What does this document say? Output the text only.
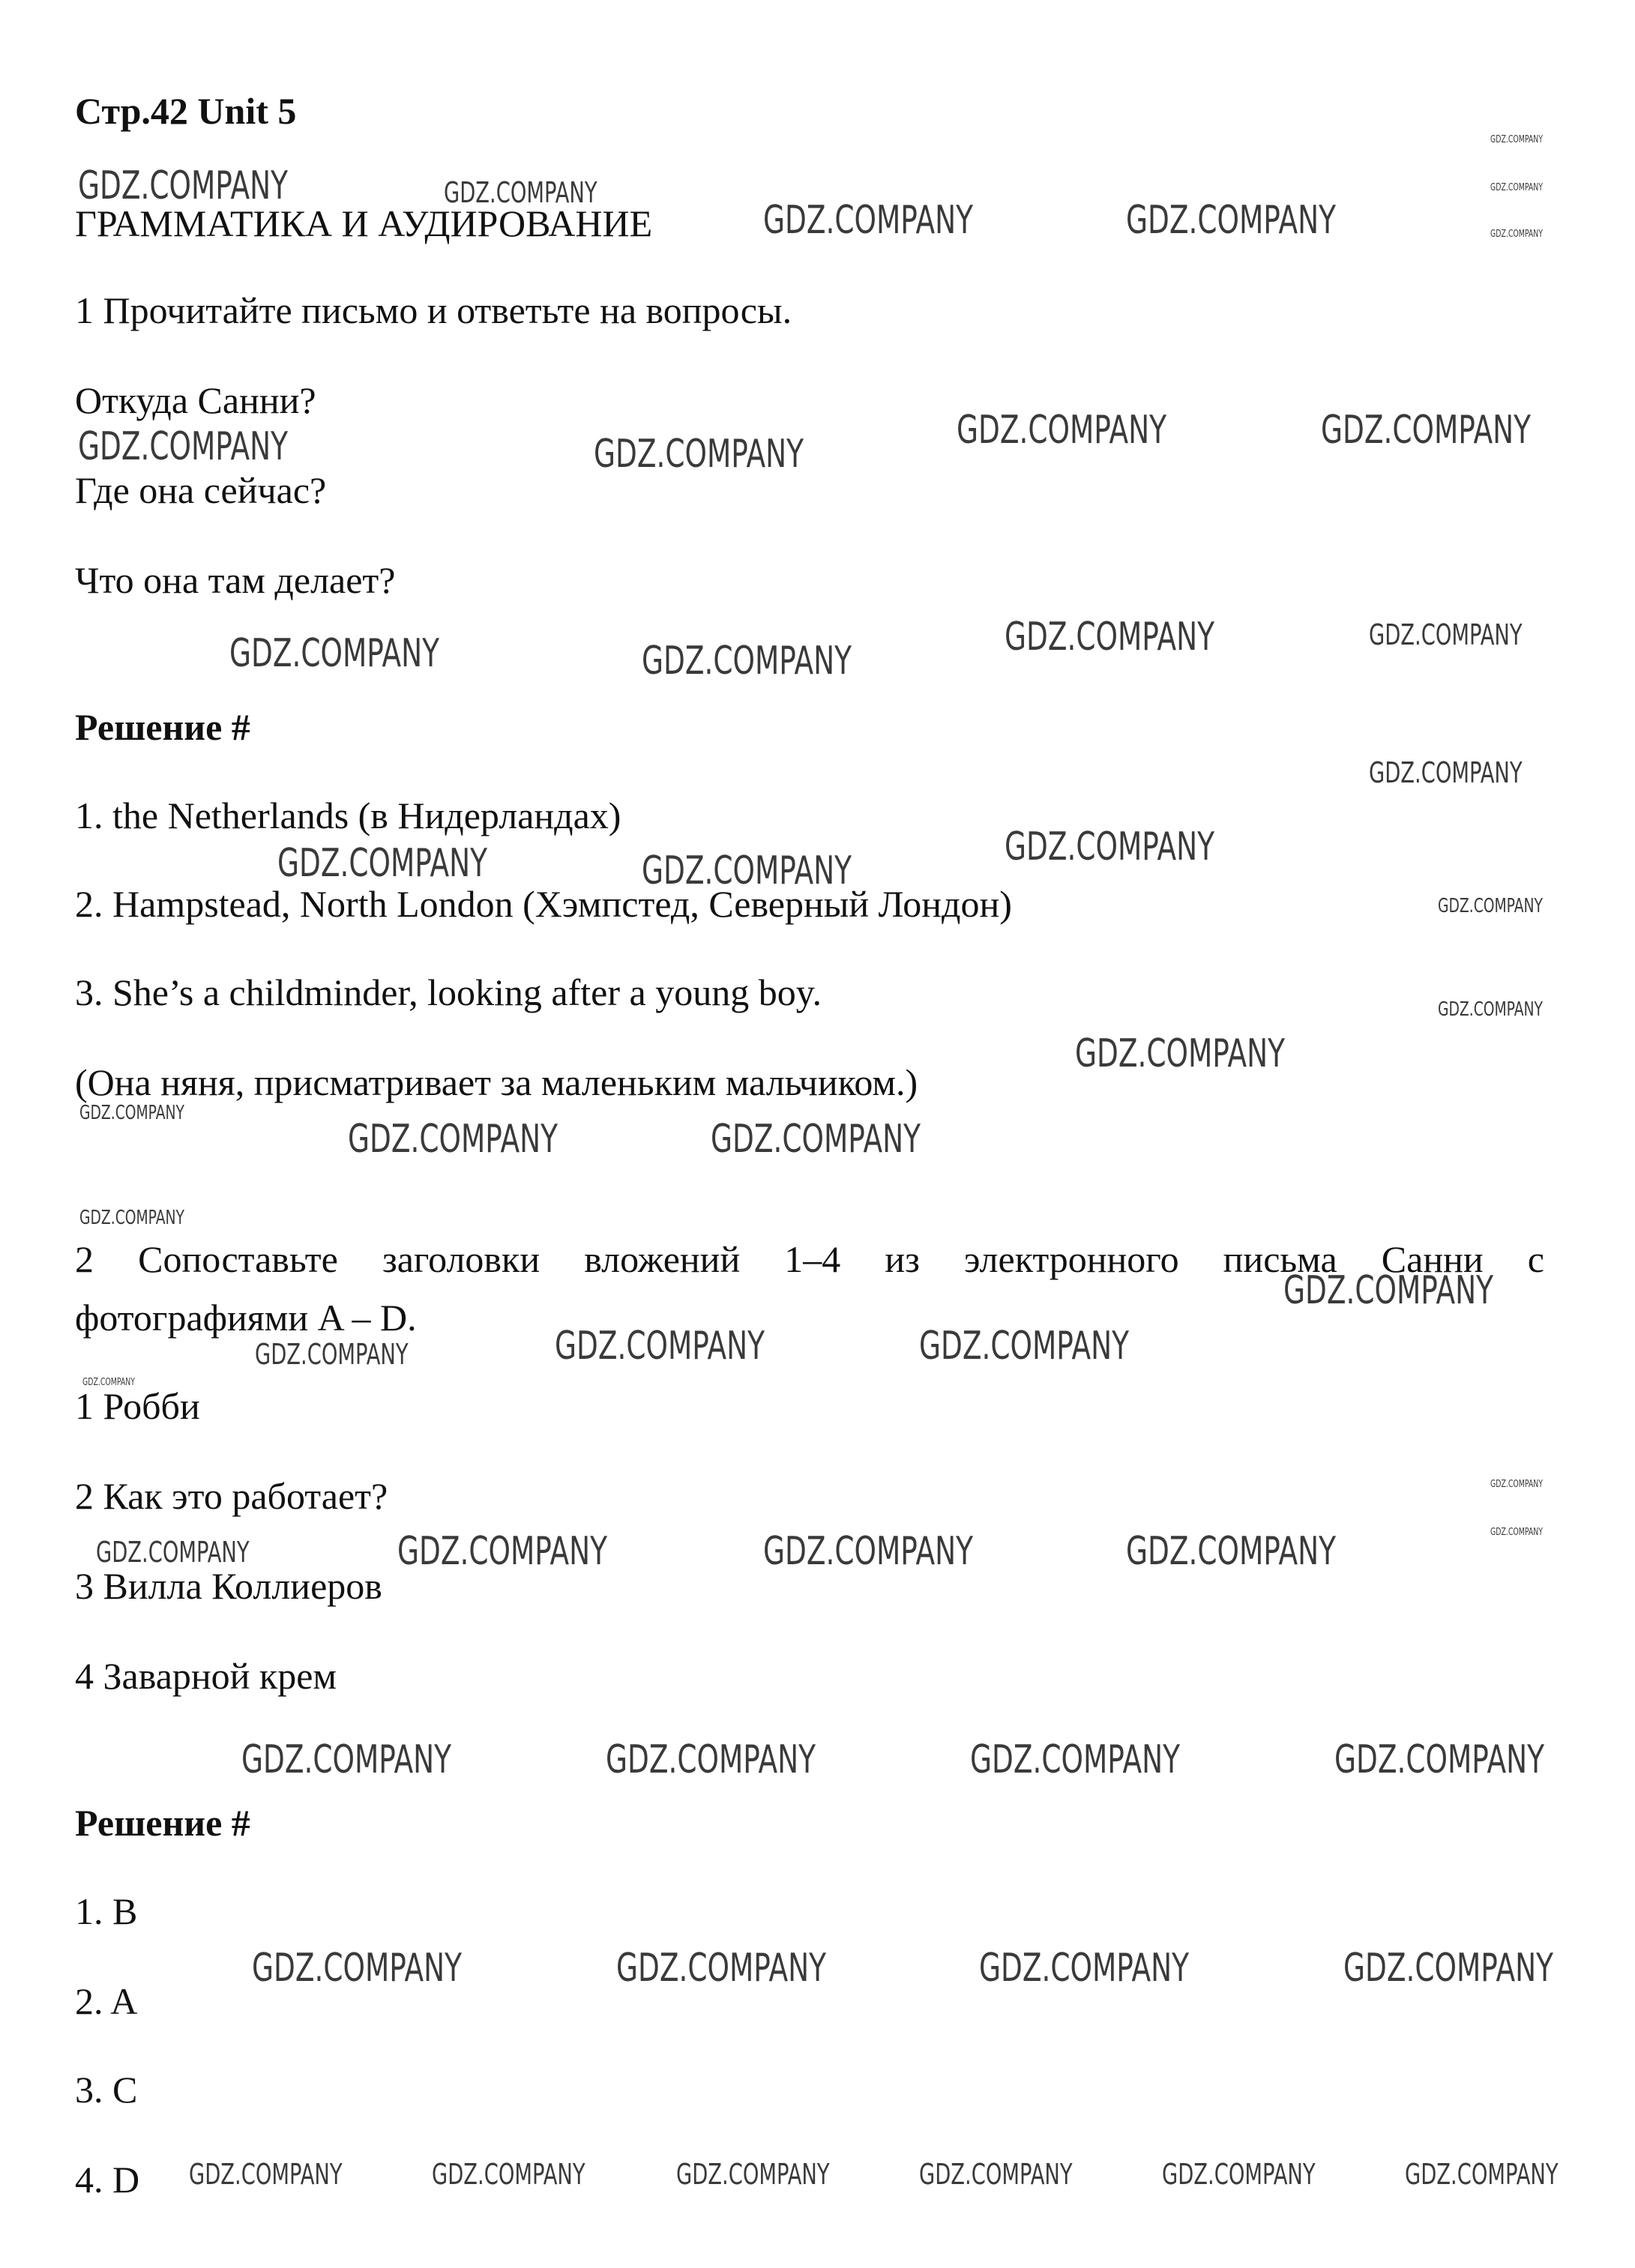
Стр.42 Unit 5
ГРАММАТИКА И АУДИРОВАНИЕ
1 Прочитайте письмо и ответьте на вопросы.
Откуда Санни?
Где она сейчас?
Что она там делает?
Решение #
1. the Netherlands (в Нидерландах)
2. Hampstead, North London (Хэмпстед, Северный Лондон)
3. She’s a childminder, looking after a young boy.
(Она няня, присматривает за маленьким мальчиком.)
2 Сопоставьте заголовки вложений 1–4 из электронного письма Санни с
фотографиями A – D.
1 Робби
2 Как это работает?
3 Вилла Коллиеров
4 Заварной крем
Решение #
1. B
2. A
3. C
4. D
GDZ.COMPANY	GDZ.COMPANY
GDZ.COMPANY	GDZ.COMPANY
GDZ.COMPANY
GDZ.COMPANY
GDZ.COMPANY
GDZ.COMPANY	GDZ.COMPANY
GDZ.COMPANY	GDZ.COMPANY
GDZ.COMPANY	GDZ.COMPANY
GDZ.COMPANY	GDZ.COMPANY
GDZ.COMPANY
GDZ.COMPANY	GDZ.COMPANY
GDZ.COMPANY
GDZ.COMPANY
GDZ.COMPANY
GDZ.COMPANY
GDZ.COMPANY
GDZ.COMPANY	GDZ.COMPANY
GDZ.COMPANY
GDZ.COMPANY
GDZ.COMPANY	GDZ.COMPANY	GDZ.COMPANY
GDZ.COMPANY
GDZ.COMPANY
GDZ.COMPANY
GDZ.COMPANY	GDZ.COMPANY	GDZ.COMPANY	GDZ.COMPANY
GDZ.COMPANY	GDZ.COMPANY	GDZ.COMPANY	GDZ.COMPANY
GDZ.COMPANY	GDZ.COMPANY	GDZ.COMPANY	GDZ.COMPANY
GDZ.COMPANY	GDZ.COMPANY	GDZ.COMPANY	GDZ.COMPANY	GDZ.COMPANY	GDZ.COMPANY
